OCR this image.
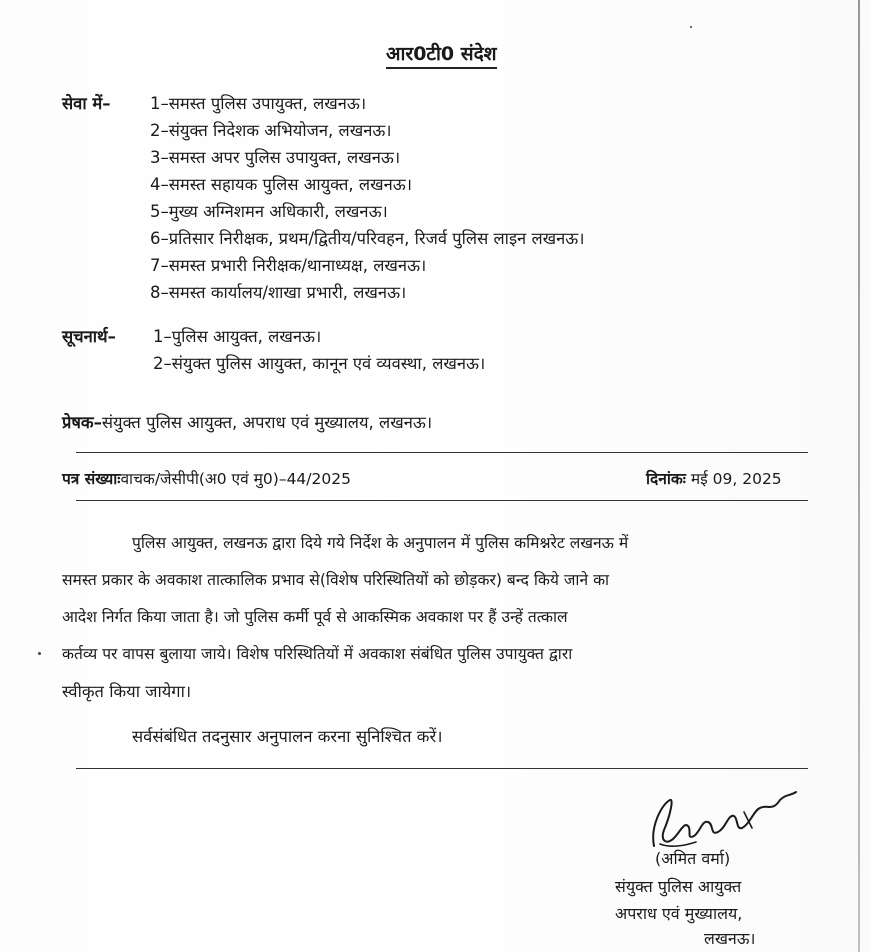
आर0टी0 संदेश
सेवा में– 1–समस्त पुलिस उपायुक्त, लखनऊ।
2–संयुक्त निदेशक अभियोजन, लखनऊ।
3–समस्त अपर पुलिस उपायुक्त, लखनऊ।
4–समस्त सहायक पुलिस आयुक्त, लखनऊ।
5–मुख्य अग्निशमन अधिकारी, लखनऊ।
6–प्रतिसार निरीक्षक, प्रथम/द्वितीय/परिवहन, रिजर्व पुलिस लाइन लखनऊ।
7–समस्त प्रभारी निरीक्षक/थानाध्यक्ष, लखनऊ।
8–समस्त कार्यालय/शाखा प्रभारी, लखनऊ।
सूचनार्थ– 1–पुलिस आयुक्त, लखनऊ।
2–संयुक्त पुलिस आयुक्त, कानून एवं व्यवस्था, लखनऊ।
प्रेषक–संयुक्त पुलिस आयुक्त, अपराध एवं मुख्यालय, लखनऊ।
पत्र संख्याःवाचक/जेसीपी(अ0 एवं मु0)–44/2025	दिनांकः मई 09, 2025
पुलिस आयुक्त, लखनऊ द्वारा दिये गये निर्देश के अनुपालन में पुलिस कमिश्नरेट लखनऊ में
समस्त प्रकार के अवकाश तात्कालिक प्रभाव से(विशेष परिस्थितियों को छोड़कर) बन्द किये जाने का
आदेश निर्गत किया जाता है। जो पुलिस कर्मी पूर्व से आकस्मिक अवकाश पर हैं उन्हें तत्काल
कर्तव्य पर वापस बुलाया जाये। विशेष परिस्थितियों में अवकाश संबंधित पुलिस उपायुक्त द्वारा
स्वीकृत किया जायेगा।
सर्वसंबंधित तदनुसार अनुपालन करना सुनिश्चित करें।
(अमित वर्मा)
संयुक्त पुलिस आयुक्त
अपराध एवं मुख्यालय,
लखनऊ।
